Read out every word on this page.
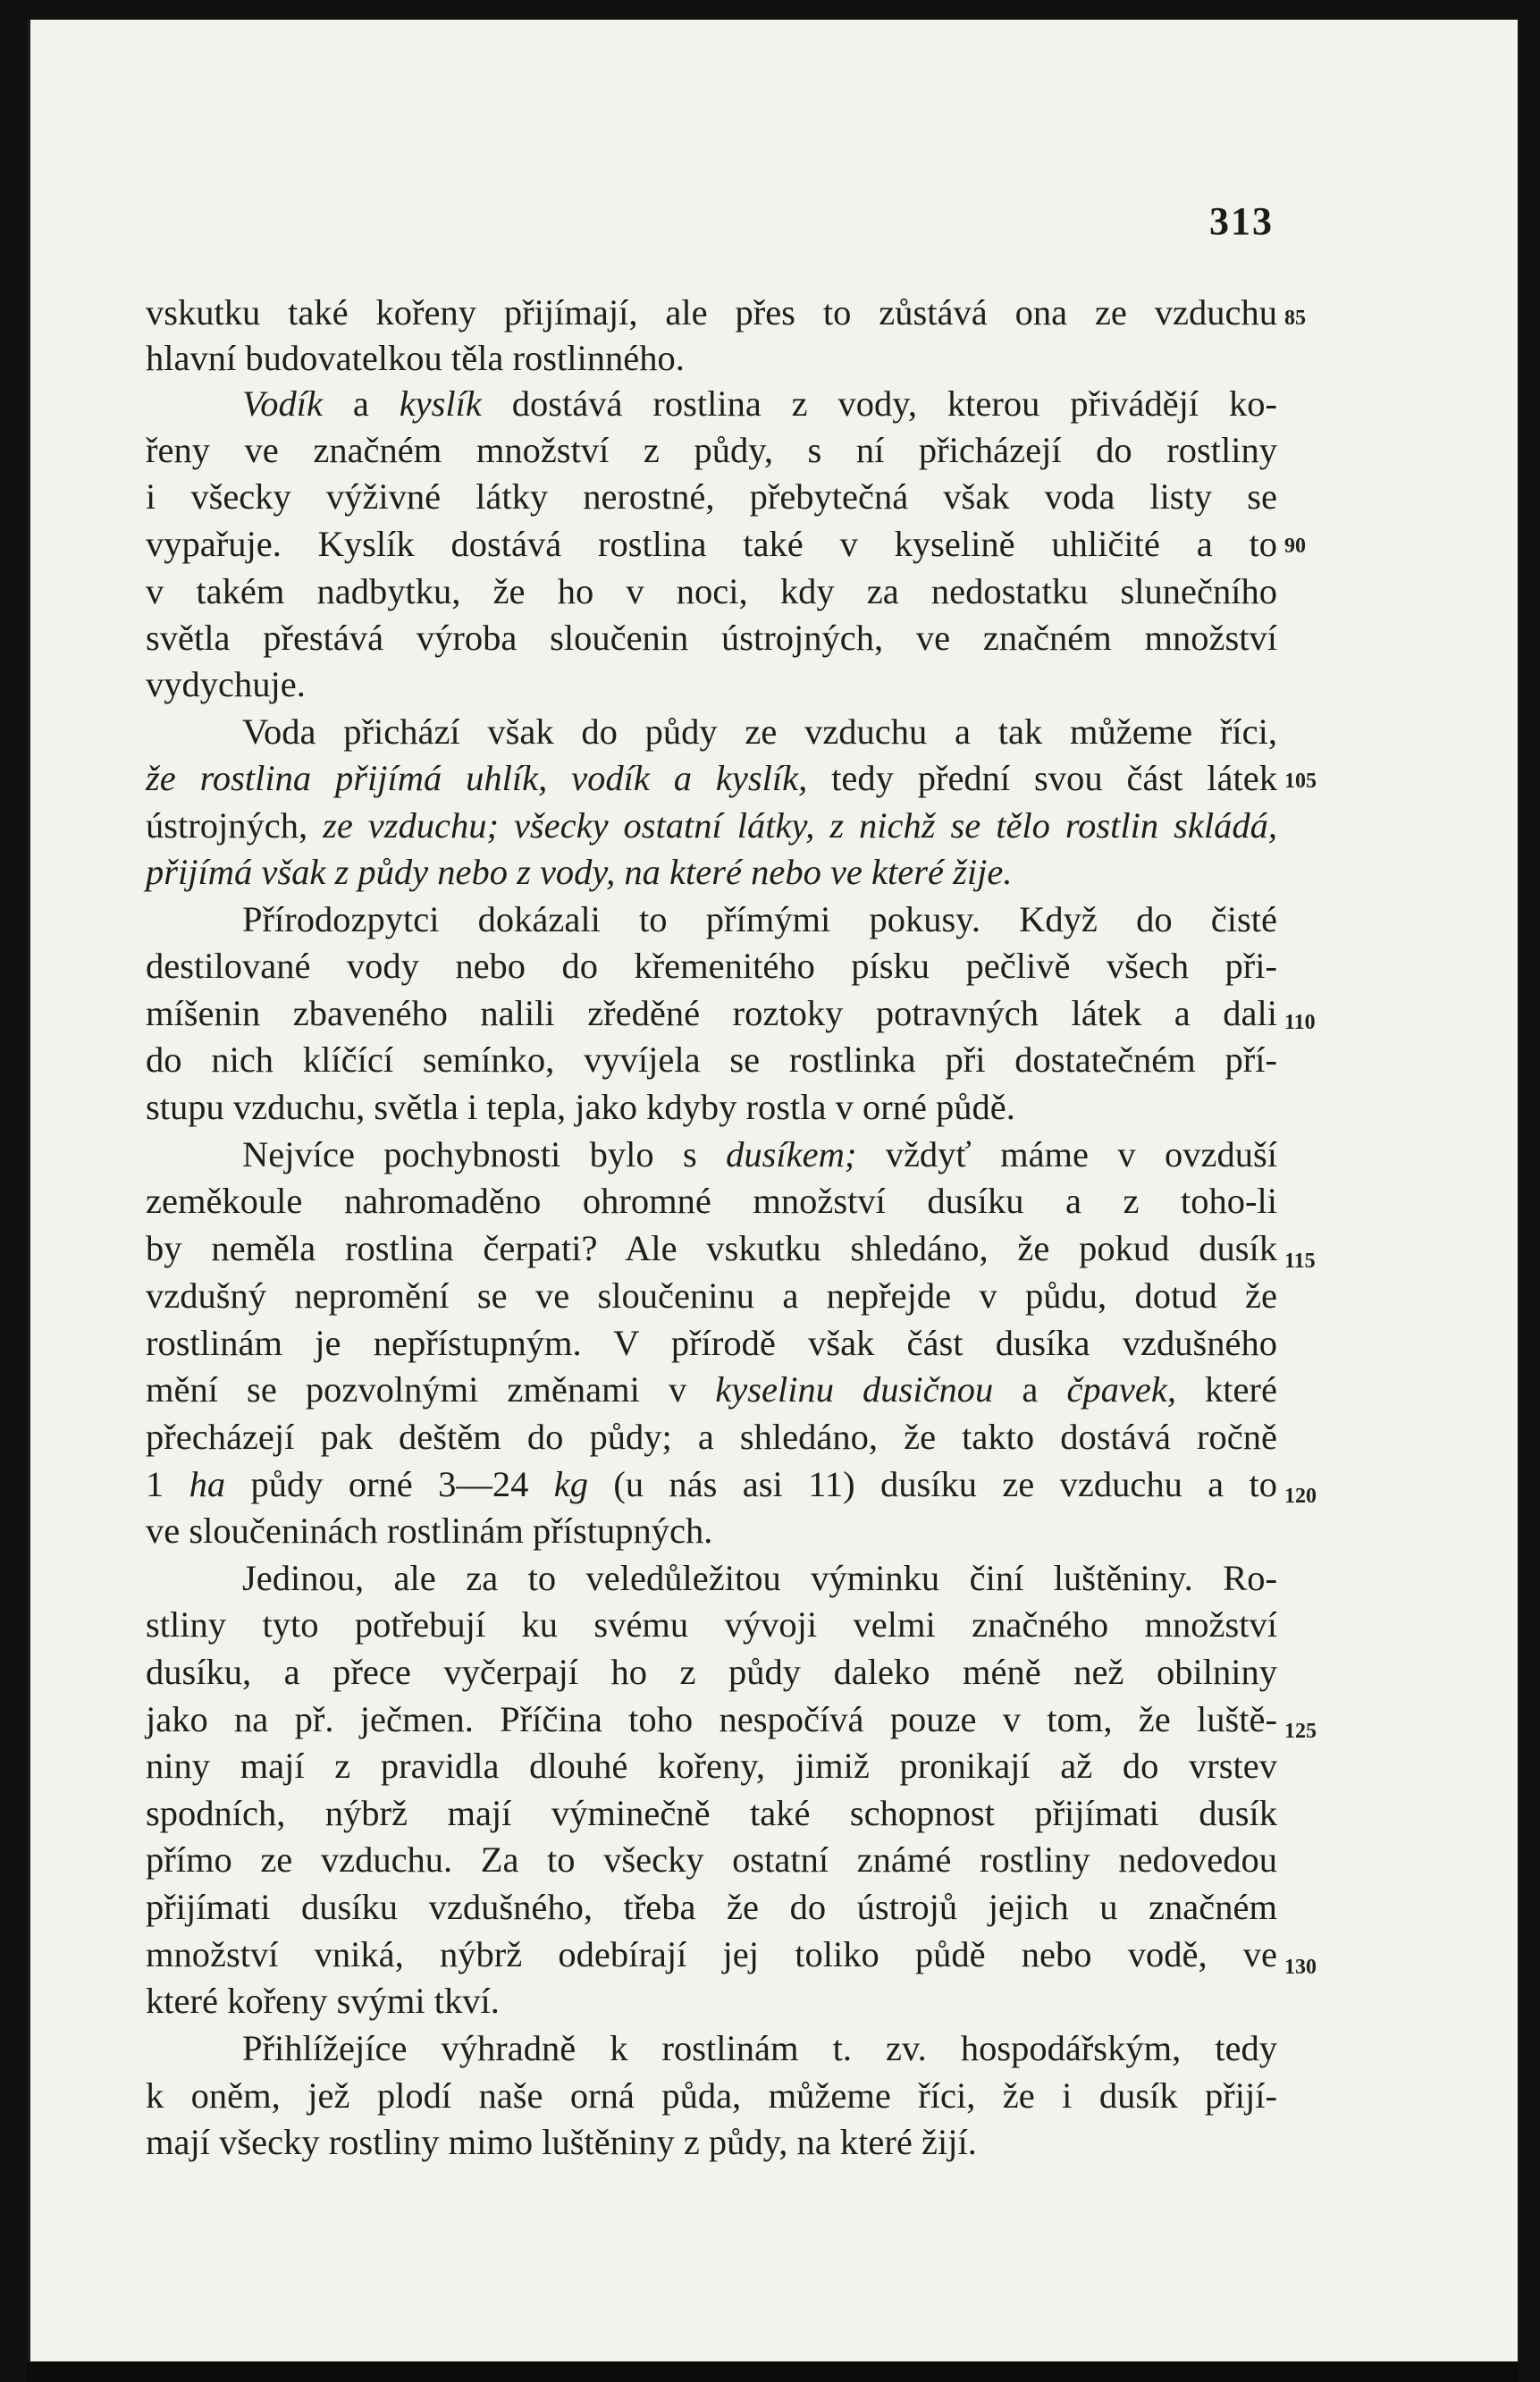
313
vskutku také kořeny přijímají, ale přes to zůstává ona ze vzduchu
hlavní budovatelkou těla rostlinného.
Vodík a kyslík dostává rostlina z vody, kterou přivádějí ko-
řeny ve značném množství z půdy, s ní přicházejí do rostliny
i všecky výživné látky nerostné, přebytečná však voda listy se
vypařuje. Kyslík dostává rostlina také v kyselině uhličité a to
v takém nadbytku, že ho v noci, kdy za nedostatku slunečního
světla přestává výroba sloučenin ústrojných, ve značném množství
vydychuje.
Voda přichází však do půdy ze vzduchu a tak můžeme říci,
že rostlina přijímá uhlík, vodík a kyslík, tedy přední svou část látek
ústrojných, ze vzduchu; všecky ostatní látky, z nichž se tělo rostlin skládá,
přijímá však z půdy nebo z vody, na které nebo ve které žije.
Přírodozpytci dokázali to přímými pokusy. Když do čisté
destilované vody nebo do křemenitého písku pečlivě všech při-
míšenin zbaveného nalili zředěné roztoky potravných látek a dali
do nich klíčící semínko, vyvíjela se rostlinka při dostatečném pří-
stupu vzduchu, světla i tepla, jako kdyby rostla v orné půdě.
Nejvíce pochybnosti bylo s dusíkem; vždyť máme v ovzduší
zeměkoule nahromaděno ohromné množství dusíku a z toho-li
by neměla rostlina čerpati? Ale vskutku shledáno, že pokud dusík
vzdušný nepromění se ve sloučeninu a nepřejde v půdu, dotud že
rostlinám je nepřístupným. V přírodě však část dusíka vzdušného
mění se pozvolnými změnami v kyselinu dusičnou a čpavek, které
přecházejí pak deštěm do půdy; a shledáno, že takto dostává ročně
1 ha půdy orné 3—24 kg (u nás asi 11) dusíku ze vzduchu a to
ve sloučeninách rostlinám přístupných.
Jedinou, ale za to veledůležitou výminku činí luštěniny. Ro-
stliny tyto potřebují ku svému vývoji velmi značného množství
dusíku, a přece vyčerpají ho z půdy daleko méně než obilniny
jako na př. ječmen. Příčina toho nespočívá pouze v tom, že luště-
niny mají z pravidla dlouhé kořeny, jimiž pronikají až do vrstev
spodních, nýbrž mají výminečně také schopnost přijímati dusík
přímo ze vzduchu. Za to všecky ostatní známé rostliny nedovedou
přijímati dusíku vzdušného, třeba že do ústrojů jejich u značném
množství vniká, nýbrž odebírají jej toliko půdě nebo vodě, ve
které kořeny svými tkví.
Přihlížejíce výhradně k rostlinám t. zv. hospodářským, tedy
k oněm, jež plodí naše orná půda, můžeme říci, že i dusík přijí-
mají všecky rostliny mimo luštěniny z půdy, na které žijí.
85
90
105
110
115
120
125
130
